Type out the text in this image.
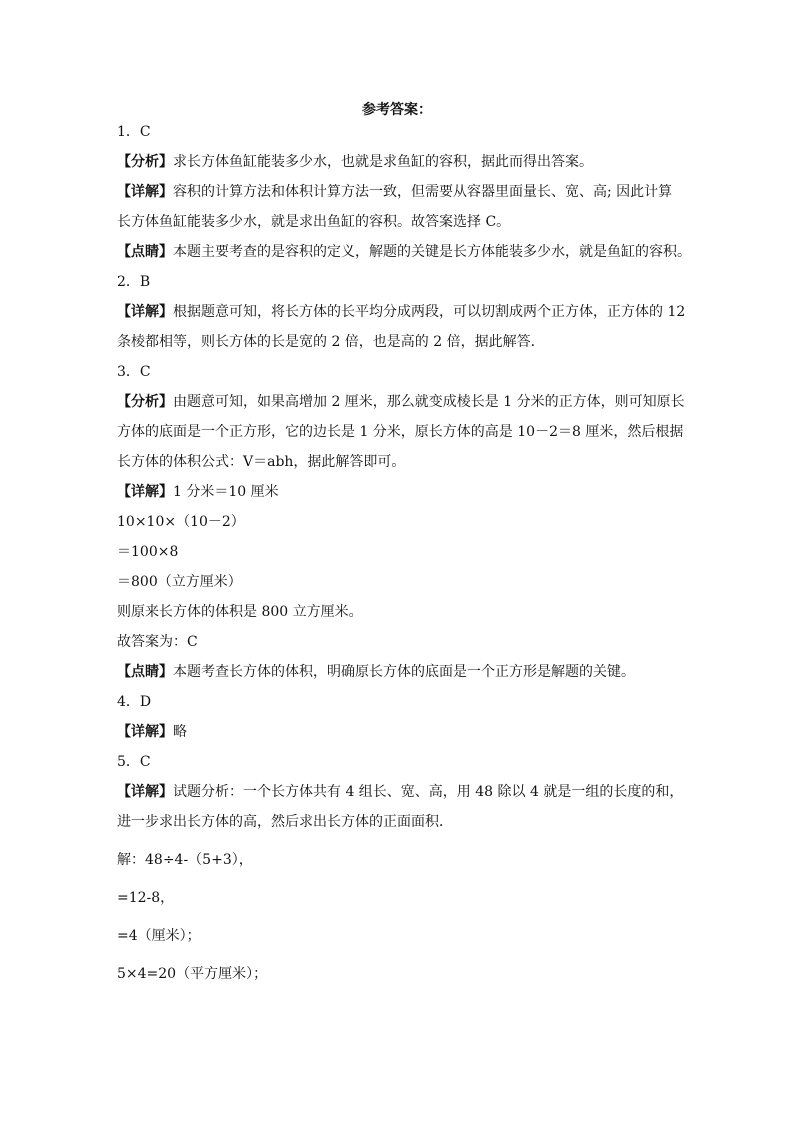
参考答案：
1．C
【分析】求长方体鱼缸能装多少水，也就是求鱼缸的容积，据此而得出答案。
【详解】容积的计算方法和体积计算方法一致，但需要从容器里面量长、宽、高; 因此计算
长方体鱼缸能装多少水，就是求出鱼缸的容积。故答案选择 C。
【点睛】本题主要考查的是容积的定义，解题的关键是长方体能装多少水，就是鱼缸的容积。
2．B
【详解】根据题意可知，将长方体的长平均分成两段，可以切割成两个正方体，正方体的 12
条棱都相等，则长方体的长是宽的 2 倍，也是高的 2 倍，据此解答．
3．C
【分析】由题意可知，如果高增加 2 厘米，那么就变成棱长是 1 分米的正方体，则可知原长
方体的底面是一个正方形，它的边长是 1 分米，原长方体的高是 10－2＝8 厘米，然后根据
长方体的体积公式：V＝abh，据此解答即可。
【详解】1 分米＝10 厘米
10×10×（10－2）
＝100×8
＝800（立方厘米）
则原来长方体的体积是 800 立方厘米。
故答案为：C
【点睛】本题考查长方体的体积，明确原长方体的底面是一个正方形是解题的关键。
4．D
【详解】略
5．C
【详解】试题分析：一个长方体共有 4 组长、宽、高，用 48 除以 4 就是一组的长度的和，
进一步求出长方体的高，然后求出长方体的正面面积．
解：48÷4-（5+3），
=12-8，
=4（厘米）；
5×4=20（平方厘米）；
